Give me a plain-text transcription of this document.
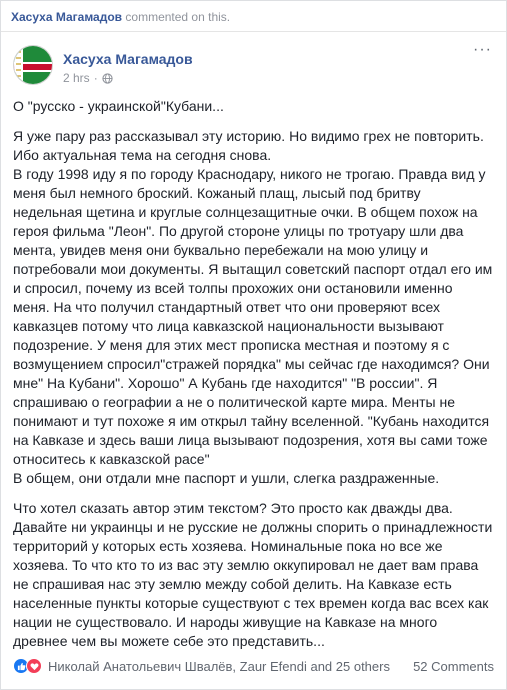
Хасуха Магамадов commented on this.
Хасуха Магамадов
2 hrs ·
···

О "русско - украинской"Кубани...

Я уже пару раз рассказывал эту историю. Но видимо грех не повторить.
Ибо актуальная тема на сегодня снова.
В году 1998 иду я по городу Краснодару, никого не трогаю. Правда вид у меня был немного броский. Кожаный плащ, лысый под бритву недельная щетина и круглые солнцезащитные очки. В общем похож на героя фильма "Леон". По другой стороне улицы по тротуару шли два мента, увидев меня они буквально перебежали на мою улицу и потребовали мои документы. Я вытащил советский паспорт отдал его им и спросил, почему из всей толпы прохожих они остановили именно меня. На что получил стандартный ответ что они проверяют всех кавказцев потому что лица кавказской национальности вызывают подозрение. У меня для этих мест прописка местная и поэтому я с возмущением спросил"стражей порядка" мы сейчас где находимся? Они мне" На Кубани". Хорошо" А Кубань где находится" "В россии". Я спрашиваю о географии а не о политической карте мира. Менты не понимают и тут похоже я им открыл тайну вселенной. "Кубань находится на Кавказе и здесь ваши лица вызывают подозрения, хотя вы сами тоже относитесь к кавказской расе"
В общем, они отдали мне паспорт и ушли, слегка раздраженные.

Что хотел сказать автор этим текстом? Это просто как дважды два. Давайте ни украинцы и не русские не должны спорить о принадлежности территорий у которых есть хозяева. Номинальные пока но все же хозяева. То что кто то из вас эту землю оккупировал не дает вам права не спрашивая нас эту землю между собой делить. На Кавказе есть населенные пункты которые существуют с тех времен когда вас всех как нации не существовало. И народы живущие на Кавказе на много древнее чем вы можете себе это представить...

Николай Анатольевич Швалёв, Zaur Efendi and 25 others	52 Comments
